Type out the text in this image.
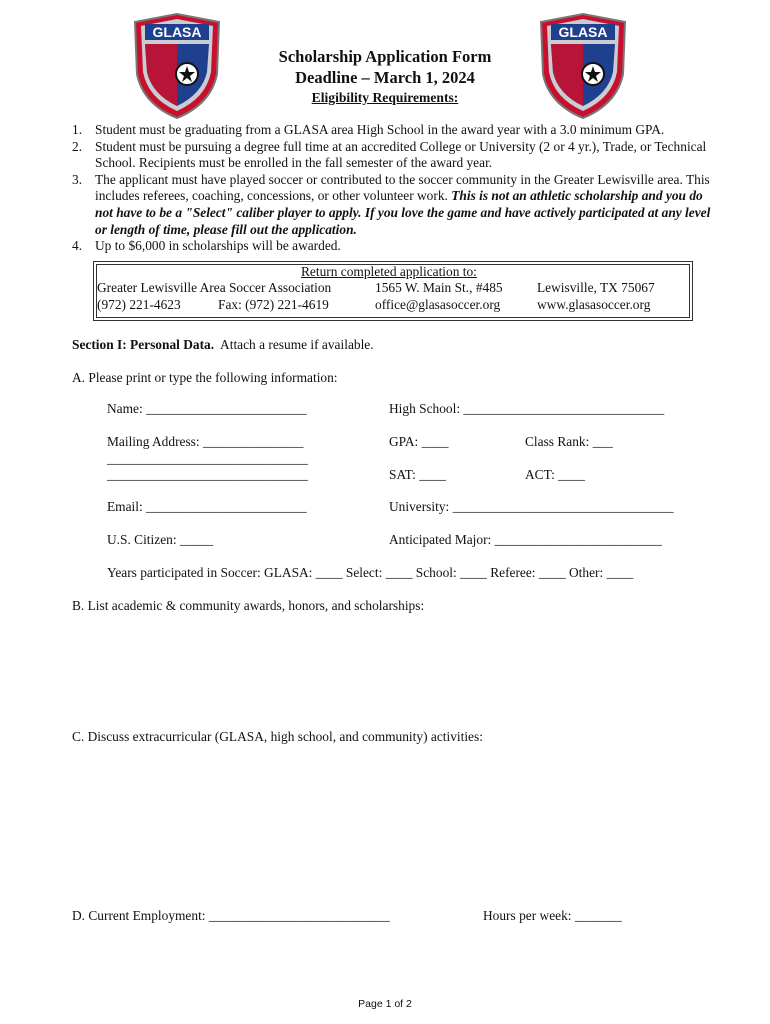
GLASA	GLASA
Scholarship Application Form
Deadline – March 1, 2024
Eligibility Requirements:
1. Student must be graduating from a GLASA area High School in the award year with a 3.0 minimum GPA.
2. Student must be pursuing a degree full time at an accredited College or University (2 or 4 yr.), Trade, or Technical School. Recipients must be enrolled in the fall semester of the award year.
3. The applicant must have played soccer or contributed to the soccer community in the Greater Lewisville area. This includes referees, coaching, concessions, or other volunteer work. This is not an athletic scholarship and you do not have to be a "Select" caliber player to apply. If you love the game and have actively participated at any level or length of time, please fill out the application.
4. Up to $6,000 in scholarships will be awarded.
Return completed application to:
Greater Lewisville Area Soccer Association	1565 W. Main St., #485	Lewisville, TX 75067
(972) 221-4623	Fax: (972) 221-4619	office@glasasoccer.org	www.glasasoccer.org
Section I: Personal Data. Attach a resume if available.
A. Please print or type the following information:
Name: ________________________	High School: ______________________________
Mailing Address: _______________
______________________________
______________________________
GPA: ____	Class Rank: ___
SAT: ____	ACT: ____
Email: ________________________	University: _________________________________
U.S. Citizen: _____	Anticipated Major: _________________________
Years participated in Soccer: GLASA: ____ Select: ____ School: ____ Referee: ____ Other: ____
B. List academic & community awards, honors, and scholarships:
C. Discuss extracurricular (GLASA, high school, and community) activities:
D. Current Employment: ___________________________	Hours per week: _______
Page 1 of 2
